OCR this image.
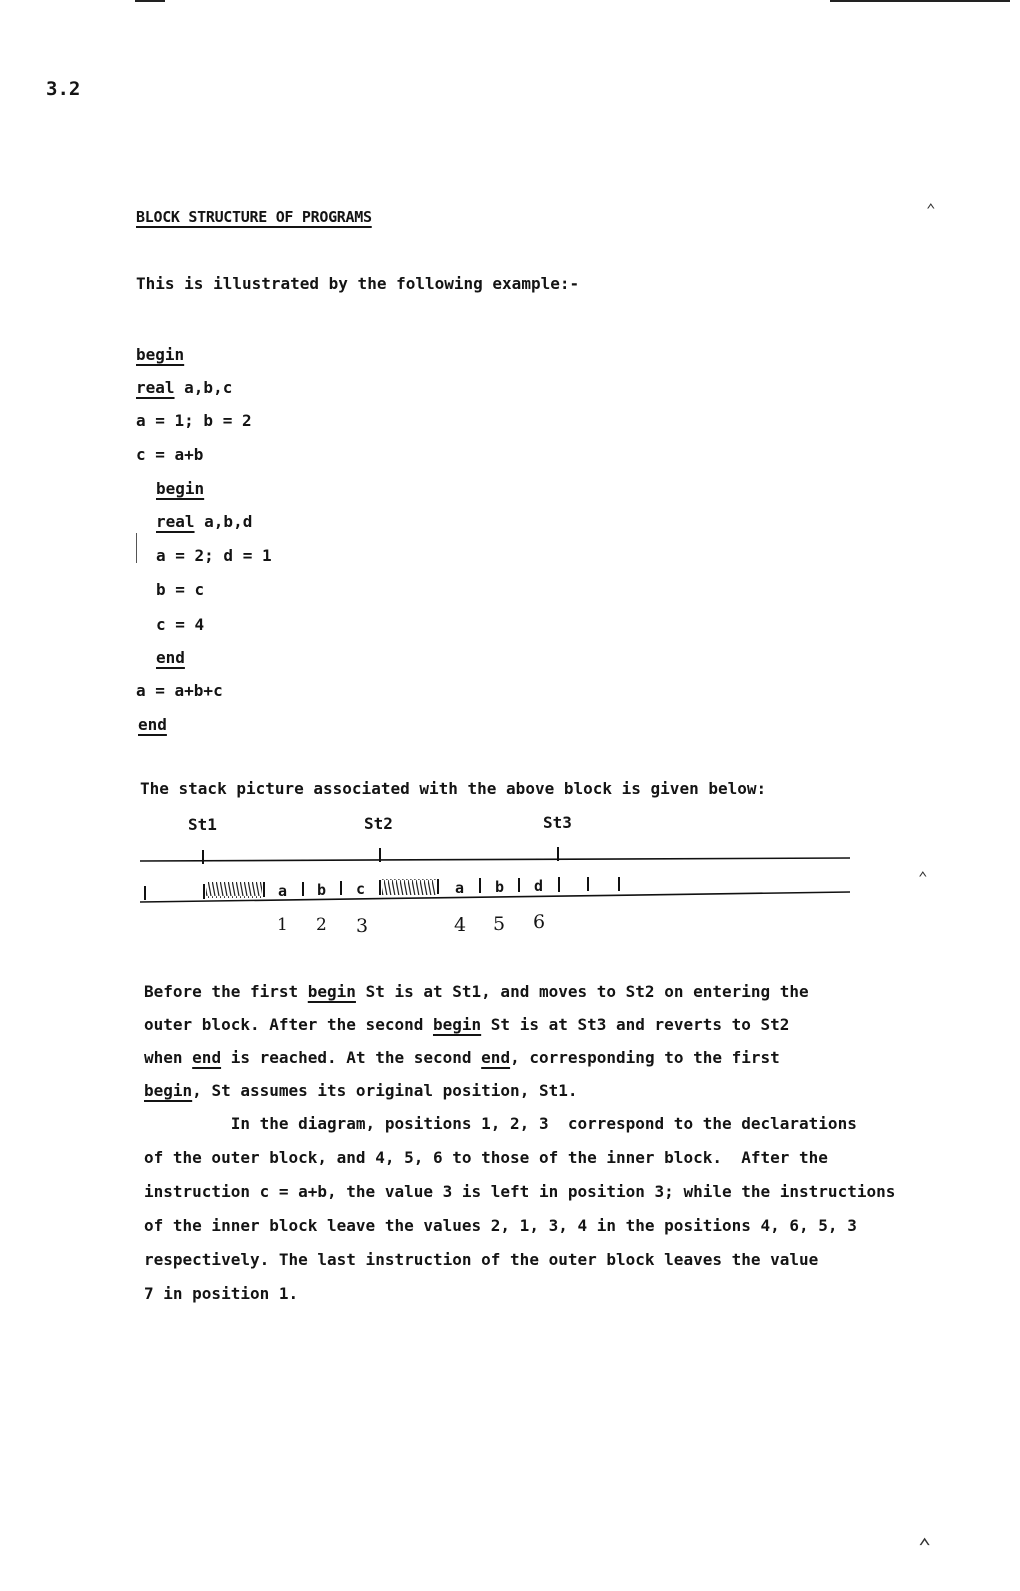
3.2
BLOCK STRUCTURE OF PROGRAMS
This is illustrated by the following example:-
begin
real a,b,c
a = 1; b = 2
c = a+b
begin
real a,b,d
a = 2; d = 1
b = c
c = 4
end
a = a+b+c
end
The stack picture associated with the above block is given below:
St1	St2	St3
a b c	a b d
1 2 3	4 5 6
Before the first begin St is at St1, and moves to St2 on entering the
outer block. After the second begin St is at St3 and reverts to St2
when end is reached. At the second end, corresponding to the first
begin, St assumes its original position, St1.
In the diagram, positions 1, 2, 3  correspond to the declarations
of the outer block, and 4, 5, 6 to those of the inner block.  After the
instruction c = a+b, the value 3 is left in position 3; while the instructions
of the inner block leave the values 2, 1, 3, 4 in the positions 4, 6, 5, 3
respectively. The last instruction of the outer block leaves the value
7 in position 1.
⌃
⌃
⌃
